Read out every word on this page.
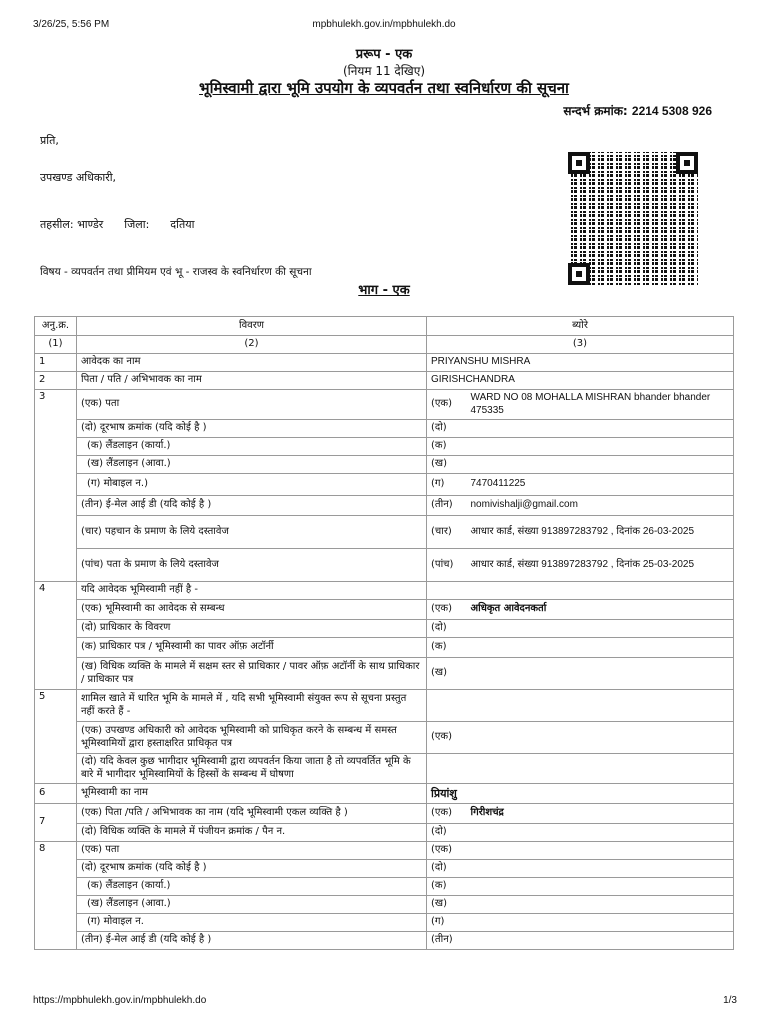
3/26/25, 5:56 PM	mpbhulekh.gov.in/mpbhulekh.do
प्ररूप - एक
(नियम 11 देखिए)
भूमिस्वामी द्वारा भूमि उपयोग के व्यपवर्तन तथा स्वनिर्धारण की सूचना
सन्दर्भ क्रमांक: 2214 5308 926
प्रति,
उपखण्ड अधिकारी,
तहसील: भाण्डेर जिला: दतिया
विषय - व्यपवर्तन तथा प्रीमियम एवं भू - राजस्व के स्वनिर्धारण की सूचना
भाग - एक
अनु.क्र.	विवरण	ब्योरे	
(1)	(2)	(3)	
1	आवेदक का नाम	PRIYANSHU MISHRA	
2	पिता / पति / अभिभावक का नाम	GIRISHCHANDRA	
3	(एक) पता	(एक)	WARD NO 08 MOHALLA MISHRAN bhander bhander 475335
	(दो) दूरभाष क्रमांक (यदि कोई है )	(दो)	
	(क) लैंडलाइन (कार्या.)	(क)	
	(ख) लैंडलाइन (आवा.)	(ख)	
	(ग) मोबाइल न.)	(ग)	7470411225
	(तीन) ई-मेल आई डी (यदि कोई है )	(तीन)	nomivishalji@gmail.com
	(चार) पहचान के प्रमाण के लिये दस्तावेज	(चार)	आधार कार्ड, संख्या 913897283792 , दिनांक 26-03-2025
	(पांच) पता के प्रमाण के लिये दस्तावेज	(पांच)	आधार कार्ड, संख्या 913897283792 , दिनांक 25-03-2025
4	यदि आवेदक भूमिस्वामी नहीं है -		
	(एक) भूमिस्वामी का आवेदक से सम्बन्ध	(एक)	अधिकृत आवेदनकर्ता
	(दो) प्राधिकार के विवरण	(दो)	
	(क) प्राधिकार पत्र / भूमिस्वामी का पावर ऑफ़ अटॉर्नी	(क)	
	(ख) विधिक व्यक्ति के मामले में सक्षम स्तर से प्राधिकार / पावर ऑफ़ अटॉर्नी के साथ प्राधिकार / प्राधिकार पत्र	(ख)	
5	शामिल खाते में धारित भूमि के मामले में , यदि सभी भूमिस्वामी संयुक्त रूप से सूचना प्रस्तुत नहीं करते हैं -		
	(एक) उपखण्ड अधिकारी को आवेदक भूमिस्वामी को प्राधिकृत करने के सम्बन्ध में समस्त भूमिस्वामियों द्वारा हस्ताक्षरित प्राधिकृत पत्र	(एक)	
	(दो) यदि केवल कुछ भागीदार भूमिस्वामी द्वारा व्यपवर्तन किया जाता है तो व्यपवर्तित भूमि के बारे में भागीदार भूमिस्वामियों के हिस्सों के सम्बन्ध में घोषणा		
6	भूमिस्वामी का नाम	प्रियांशु	
7	(एक) पिता /पति / अभिभावक का नाम (यदि भूमिस्वामी एकल व्यक्ति है )	(एक)	गिरीशचंद्र
	(दो) विधिक व्यक्ति के मामले में पंजीयन क्रमांक / पैन न.	(दो)	
8	(एक) पता	(एक)	
	(दो) दूरभाष क्रमांक (यदि कोई है )	(दो)	
	(क) लैंडलाइन (कार्या.)	(क)	
	(ख) लैंडलाइन (आवा.)	(ख)	
	(ग) मोवाइल न.	(ग)	
	(तीन) ई-मेल आई डी (यदि कोई है )	(तीन)	
https://mpbhulekh.gov.in/mpbhulekh.do	1/3
